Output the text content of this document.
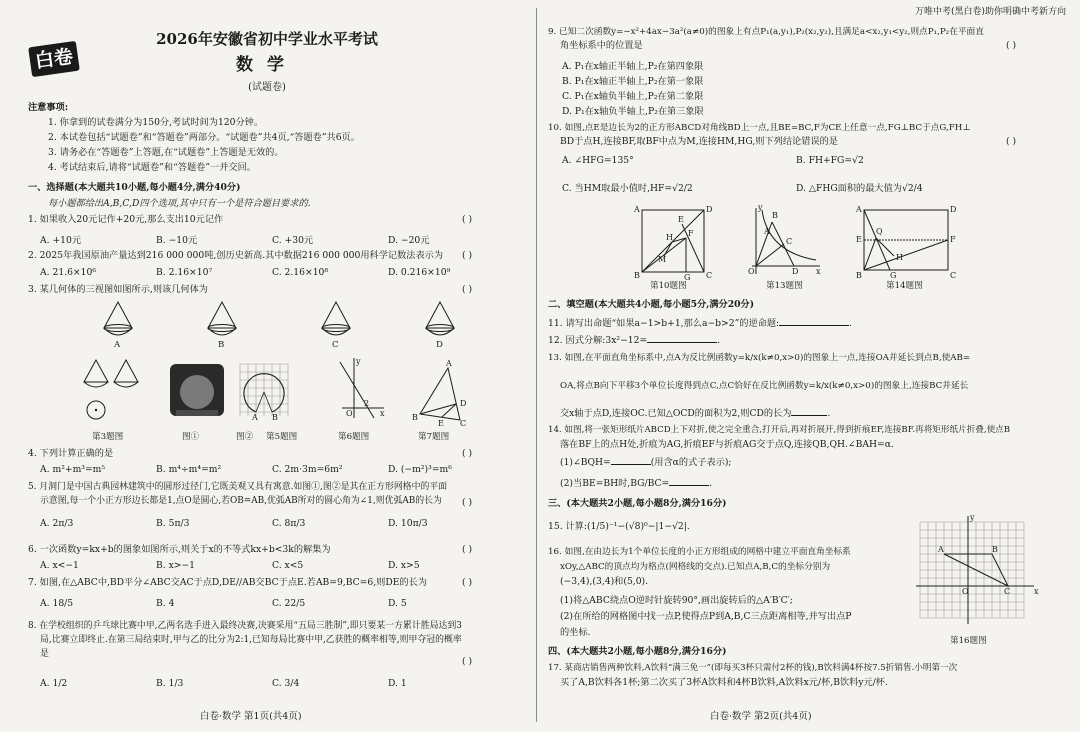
白卷
2026年安徽省初中学业水平考试
数学
(试题卷)
注意事项:
1. 你拿到的试卷满分为150分,考试时间为120分钟。
2. 本试卷包括“试题卷”和“答题卷”两部分。“试题卷”共4页,“答题卷”共6页。
3. 请务必在“答题卷”上答题,在“试题卷”上答题是无效的。
4. 考试结束后,请将“试题卷”和“答题卷”一并交回。
一、选择题(本大题共10小题,每小题4分,满分40分)
每小题都给出A,B,C,D四个选项,其中只有一个是符合题目要求的.
1. 如果收入20元记作+20元,那么支出10元记作	( )
A. +10元	B. −10元	C. +30元	D. −20元
2. 2025年我国原油产量达到216 000 000吨,创历史新高.其中数据216 000 000用科学记数法表示为 ( )
A. 21.6×10⁶	B. 2.16×10⁷	C. 2.16×10⁸	D. 0.216×10⁹
3. 某几何体的三视图如图所示,则该几何体为	( )
A	B	C	D
A B
y
x
O
2
A
B
C
D
E
第3题图	图①	图② 第5题图	第6题图	第7题图
4. 下列计算正确的是	( )
A. m²+m³=m⁵	B. m⁴÷m⁴=m²	C. 2m·3m=6m²	D. (−m²)³=m⁶
5. 月洞门是中国古典园林建筑中的圆形过径门,它既美观又具有寓意.如图①,图②是其在正方形网格中的平面
示意图,每一个小正方形边长都是1,点O是圆心,若OB=AB,优弧AB所对的圆心角为∠1,则优弧AB的长为 ( )
A. 2π/3	B. 5π/3	C. 8π/3	D. 10π/3
6. 一次函数y=kx+b的图象如图所示,则关于x的不等式kx+b<3k的解集为	( )
A. x<−1	B. x>−1	C. x<5	D. x>5
7. 如图,在△ABC中,BD平分∠ABC交AC于点D,DE//AB交BC于点E.若AB=9,BC=6,则DE的长为	( )
A. 18/5	B. 4	C. 22/5	D. 5
8. 在学校组织的乒乓球比赛中甲,乙两名选手进入最终决赛,决赛采用“五局三胜制”,即只要某一方累计胜局达到3
局,比赛立即终止.在第三局结束时,甲与乙的比分为2:1,已知每局比赛中甲,乙获胜的概率相等,则甲夺冠的概率
是
( )
A. 1/2	B. 1/3	C. 3/4	D. 1
白卷·数学 第1页(共4页)
万唯中考(黑白卷)助你明确中考新方向
9. 已知二次函数y=−x²+4ax−3a²(a≠0)的图象上有点P₁(a,y₁),P₂(x₂,y₂),且满足a<x₂,y₁<y₂,则点P₁,P₂在平面直
角坐标系中的位置是	( )
A. P₁在x轴正半轴上,P₂在第四象限
B. P₁在x轴正半轴上,P₂在第一象限
C. P₁在x轴负半轴上,P₂在第二象限
D. P₁在x轴负半轴上,P₂在第三象限
10. 如图,点E是边长为2的正方形ABCD对角线BD上一点,且BE=BC,F为CE上任意一点,FG⊥BC于点G,FH⊥
BD于点H,连接BF,取BF中点为M,连接HM,HG,则下列结论错误的是	( )
A. ∠HFG=135°	B. FH+FG=√2
C. 当HM取最小值时,HF=√2/2	D. △FHG面积的最大值为√2/4
A	D
B	C
E
F
G
H
M
y
x
O
B
A
C
D
A	D
B	C
E	F
Q
G
H
第10题图	第13题图	第14题图
二、填空题(本大题共4小题,每小题5分,满分20分)
11. 请写出命题“如果a−1>b+1,那么a−b>2”的逆命题:	.
12. 因式分解:3x²−12=	.
13. 如图,在平面直角坐标系中,点A为反比例函数y=k/x(k≠0,x>0)的图象上一点,连接OA并延长到点B,使AB=
OA,将点B向下平移3个单位长度得到点C,点C恰好在反比例函数y=k/x(k≠0,x>0)的图象上,连接BC并延长
交x轴于点D,连接OC.已知△OCD的面积为2,则CD的长为	.
14. 如图,将一张矩形纸片ABCD上下对折,使之完全重合,打开后,再对折展开,得到折痕EF,连接BF.再将矩形纸片折叠,使点B
落在BF上的点H处,折痕为AG,折痕EF与折痕AG交于点Q,连接QB,QH.∠BAH=α.
(1)∠BQH=	(用含α的式子表示);
(2)当BE=BH时,BG/BC=	.
三、(本大题共2小题,每小题8分,满分16分)
15. 计算:(1/5)⁻¹−(√8)⁰−|1−√2|.
16. 如图,在由边长为1个单位长度的小正方形组成的网格中建立平面直角坐标系
xOy,△ABC的顶点均为格点(网格线的交点).已知点A,B,C的坐标分别为
(−3,4),(3,4)和(5,0).
(1)将△ABC绕点O逆时针旋转90°,画出旋转后的△A′B′C′;
(2)在所给的网格图中找一点P,使得点P到A,B,C三点距离相等,并写出点P
的坐标.
y
x
O
A	B
C
第16题图
四、(本大题共2小题,每小题8分,满分16分)
17. 某商店销售两种饮料,A饮料“满三免一”(即每买3杯只需付2杯的钱),B饮料满4杯按7.5折销售.小明第一次
买了A,B饮料各1杯;第二次买了3杯A饮料和4杯B饮料,A饮料x元/杯,B饮料y元/杯.
白卷·数学 第2页(共4页)
